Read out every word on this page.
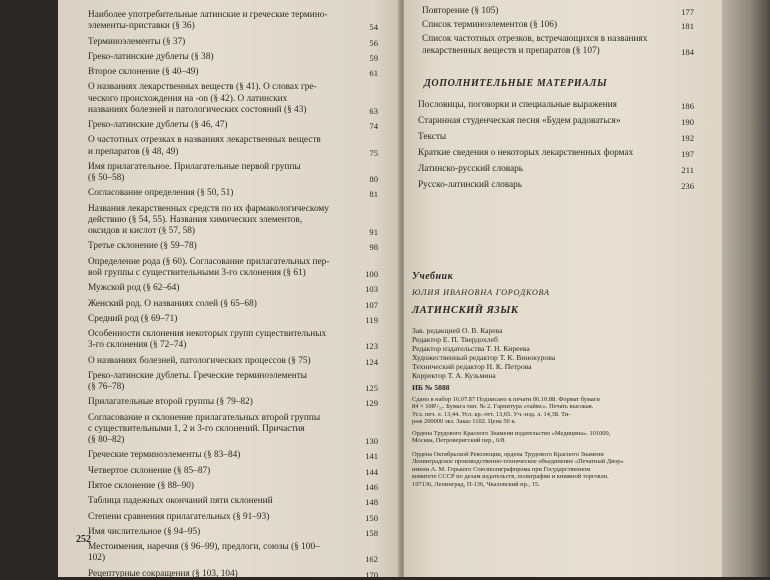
Наиболее употребительные латинские и греческие термино-
элементы-приставки (§ 36)	54
Терминоэлементы (§ 37)	56
Греко-латинские дублеты (§ 38)	59
Второе склонение (§ 40–49)	61
О названиях лекарственных веществ (§ 41). О словах гре-
ческого происхождения на -on (§ 42). О латинских
названиях болезней и патологических состояний (§ 43)	63
Греко-латинские дублеты (§ 46, 47)	74
О частотных отрезках в названиях лекарственных веществ
и препаратов (§ 48, 49)	75
Имя прилагательное. Прилагательные первой группы
(§ 50–58)	80
Согласование определения (§ 50, 51)	81
Названия лекарственных средств по их фармакологическому
действию (§ 54, 55). Названия химических элементов,
оксидов и кислот (§ 57, 58)	91
Третье склонение (§ 59–78)	98
Определение рода (§ 60). Согласование прилагательных пер-
вой группы с существительными 3-го склонения (§ 61)	100
Мужской род (§ 62–64)	103
Женский род. О названиях солей (§ 65–68)	107
Средний род (§ 69–71)	119
Особенности склонения некоторых групп существительных
3-го склонения (§ 72–74)	123
О названиях болезней, патологических процессов (§ 75)	124
Греко-латинские дублеты. Греческие терминоэлементы
(§ 76–78)	125
Прилагательные второй группы (§ 79–82)	129
Согласование и склонение прилагательных второй группы
с существительными 1, 2 и 3-го склонений. Причастия
(§ 80–82)	130
Греческие терминоэлементы (§ 83–84)	141
Четвертое склонение (§ 85–87)	144
Пятое склонение (§ 88–90)	146
Таблица падежных окончаний пяти склонений	148
Степени сравнения прилагательных (§ 91–93)	150
Имя числительное (§ 94–95)	158
Местоимения, наречия (§ 96–99), предлоги, союзы (§ 100–
102)	162
Рецептурные сокращения (§ 103, 104)	170
252
Повторение (§ 105)	177
Список терминоэлементов (§ 106)	181
Список частотных отрезков, встречающихся в названиях
лекарственных веществ и препаратов (§ 107)	184
ДОПОЛНИТЕЛЬНЫЕ МАТЕРИАЛЫ
Пословицы, поговорки и специальные выражения	186
Старинная студенческая песня «Будем радоваться»	190
Тексты	192
Краткие сведения о некоторых лекарственных формах	197
Латинско-русский словарь	211
Русско-латинский словарь	236
Учебник
ЮЛИЯ ИВАНОВНА ГОРОДКОВА
ЛАТИНСКИЙ ЯЗЫК
Зав. редакцией О. В. Карева
Редактор Е. П. Твердохлеб
Редактор издательства Т. Н. Киреева
Художественный редактор Т. К. Винокурова
Технический редактор Н. К. Петрова
Корректор Т. А. Кузьмина
ИБ № 5088
Сдано в набор 16.07.87 Подписано к печати 06.10.88. Формат бумаги
84 × 108¹/₃₂. Бумага тип. № 2. Гарнитура «таймс». Печать высокая.
Усл. печ. л. 13,44. Усл. кр.-отт. 13,65. Уч.-изд. л. 14,38. Ти-
раж 200000 экз. Заказ 1102. Цена 50 к.
Ордена Трудового Красного Знамени издательство «Медицина». 101000,
Москва, Петроверигский пер., 6/8.
Ордена Октябрьской Революции, ордена Трудового Красного Знамени
Ленинградское производственно-техническое объединение «Печатный Двор»
имени А. М. Горького Союзполиграфпрома при Государственном
комитете СССР по делам издательств, полиграфии и книжной торговли.
197136, Ленинград, П-136, Чкаловский пр., 15.
